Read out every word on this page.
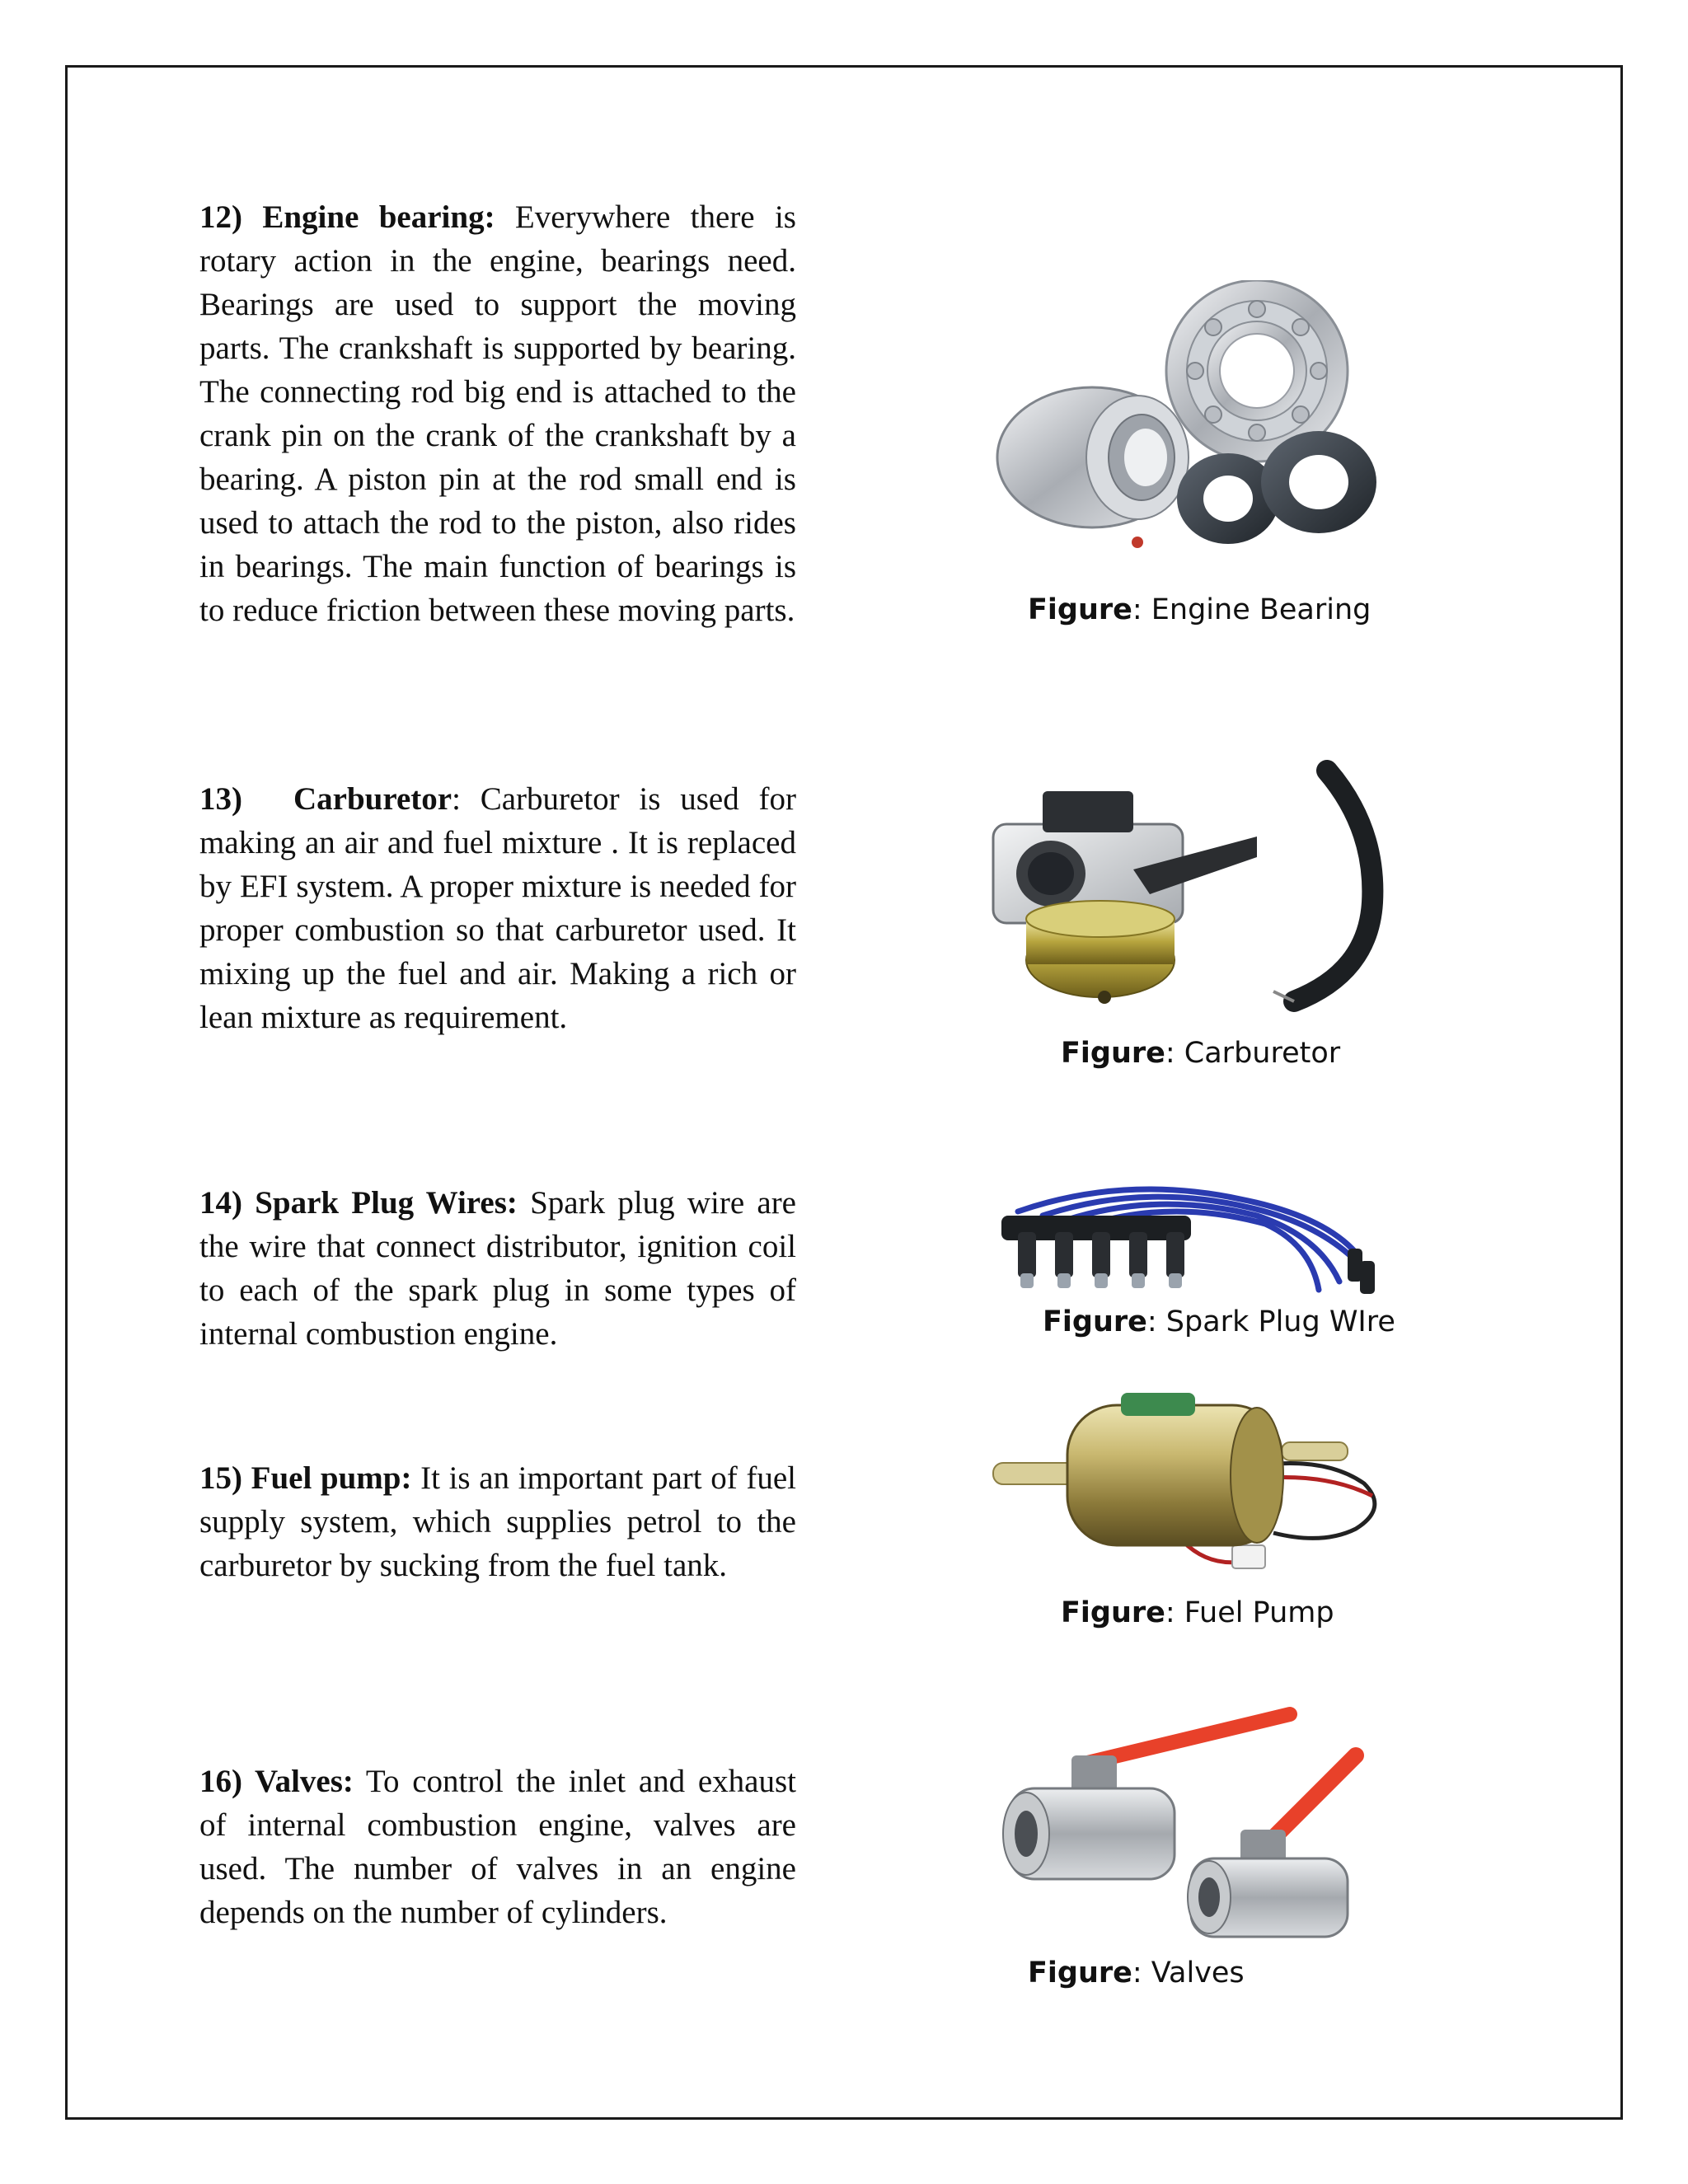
12) Engine bearing: Everywhere there is rotary action in the engine, bearings need. Bearings are used to support the moving parts. The crankshaft is supported by bearing. The connecting rod big end is attached to the crank pin on the crank of the crankshaft by a bearing. A piston pin at the rod small end is used to attach the rod to the piston, also rides in bearings. The main function of bearings is to reduce friction between these moving parts.	Figure: Engine Bearing

13) Carburetor: Carburetor is used for making an air and fuel mixture . It is replaced by EFI system. A proper mixture is needed for proper combustion so that carburetor used. It mixing up the fuel and air. Making a rich or lean mixture as requirement.

Figure: Carburetor

14) Spark Plug Wires: Spark plug wire are the wire that connect distributor, ignition coil to each of the spark plug in some types of internal combustion engine.	Figure: Spark Plug WIre

15) Fuel pump: It is an important part of fuel supply system, which supplies petrol to the carburetor by sucking from the fuel tank.

Figure: Fuel Pump

16) Valves: To control the inlet and exhaust of internal combustion engine, valves are used. The number of valves in an engine depends on the number of cylinders.

Figure: Valves
